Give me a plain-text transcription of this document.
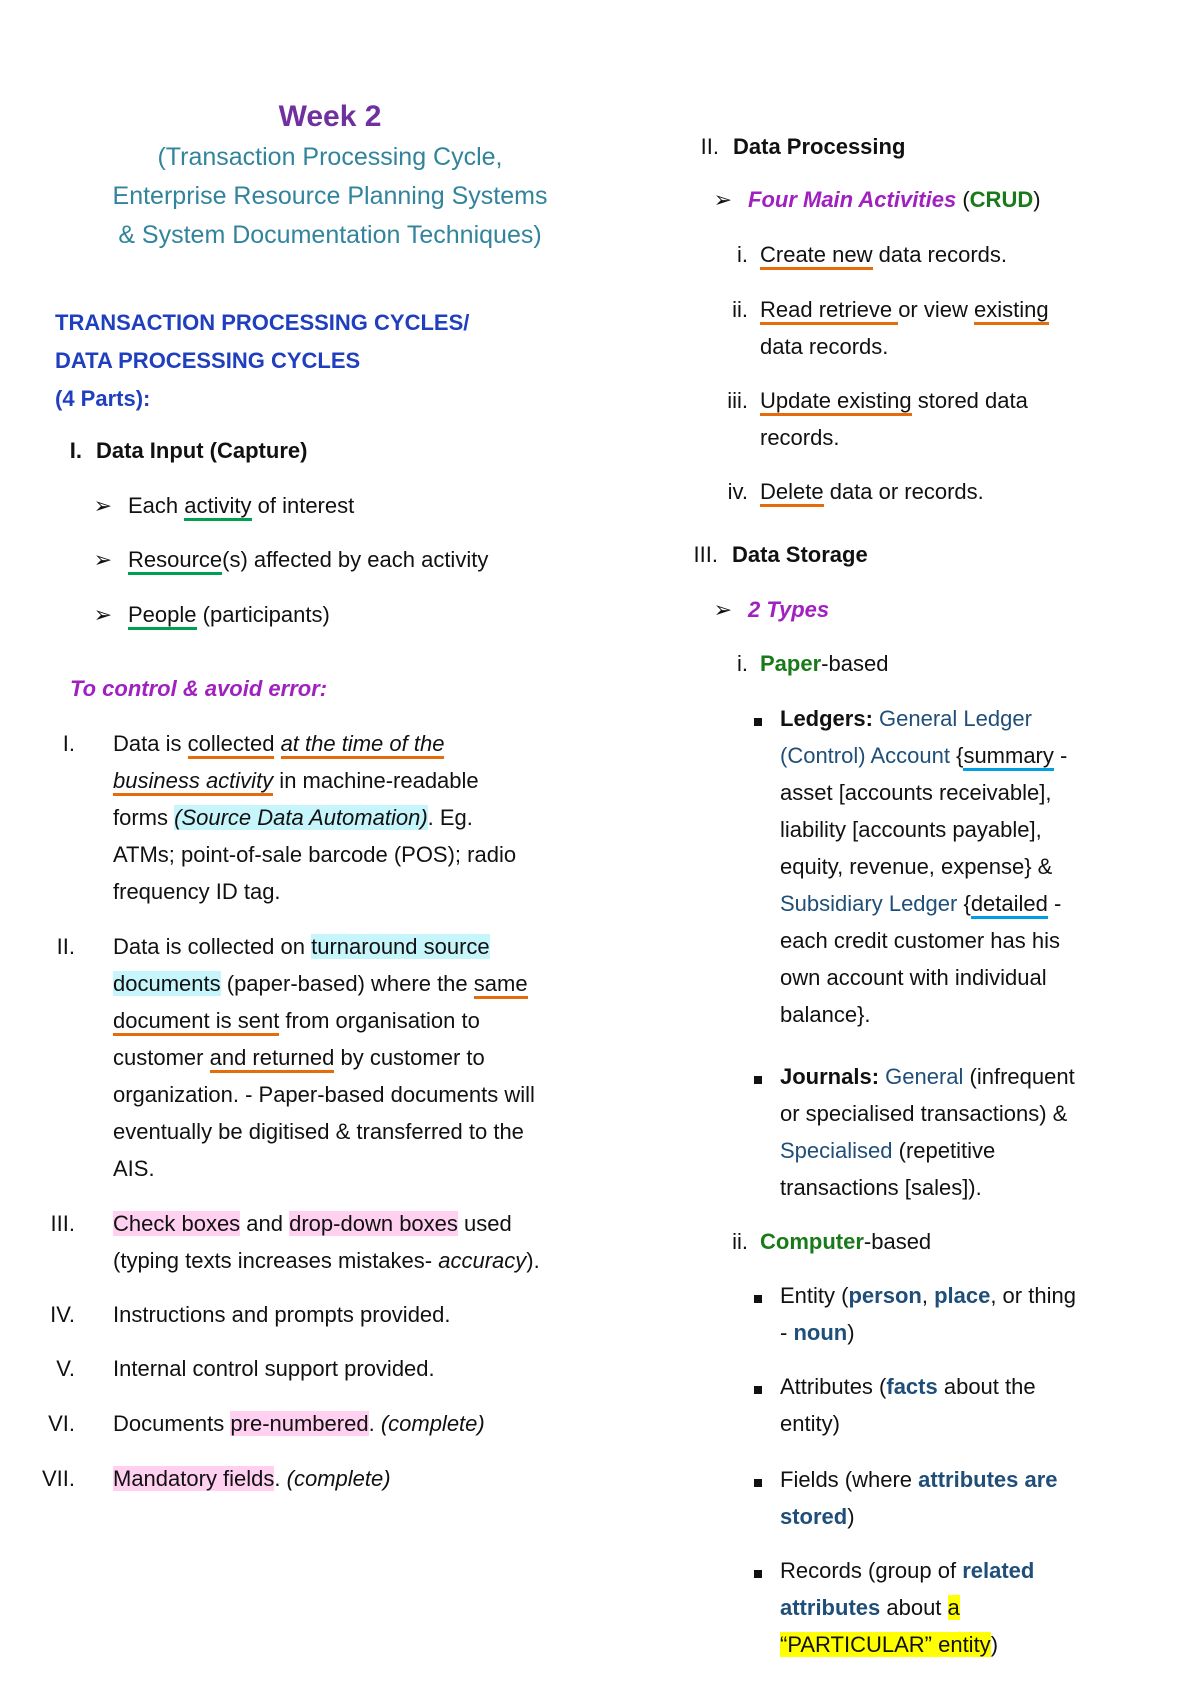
Week 2
(Transaction Processing Cycle,
Enterprise Resource Planning Systems
& System Documentation Techniques)
TRANSACTION PROCESSING CYCLES/
DATA PROCESSING CYCLES
(4 Parts):
I. Data Input (Capture)
➢ Each activity of interest
➢ Resource(s) affected by each activity
➢ People (participants)
To control & avoid error:
I. Data is collected at the time of the
business activity in machine-readable
forms (Source Data Automation). Eg.
ATMs; point-of-sale barcode (POS); radio
frequency ID tag.
II. Data is collected on turnaround source
documents (paper-based) where the same
document is sent from organisation to
customer and returned by customer to
organization. - Paper-based documents will
eventually be digitised & transferred to the
AIS.
III. Check boxes and drop-down boxes used
(typing texts increases mistakes- accuracy).
IV. Instructions and prompts provided.
V. Internal control support provided.
VI. Documents pre-numbered. (complete)
VII. Mandatory fields. (complete)
II. Data Processing
➢ Four Main Activities (CRUD)
i. Create new data records.
ii. Read retrieve or view existing
data records.
iii. Update existing stored data
records.
iv. Delete data or records.
III. Data Storage
➢ 2 Types
i. Paper-based
Ledgers: General Ledger
(Control) Account {summary -
asset [accounts receivable],
liability [accounts payable],
equity, revenue, expense} &
Subsidiary Ledger {detailed -
each credit customer has his
own account with individual
balance}.
Journals: General (infrequent
or specialised transactions) &
Specialised (repetitive
transactions [sales]).
ii. Computer-based
Entity (person, place, or thing
- noun)
Attributes (facts about the
entity)
Fields (where attributes are
stored)
Records (group of related
attributes about a
“PARTICULAR” entity)
